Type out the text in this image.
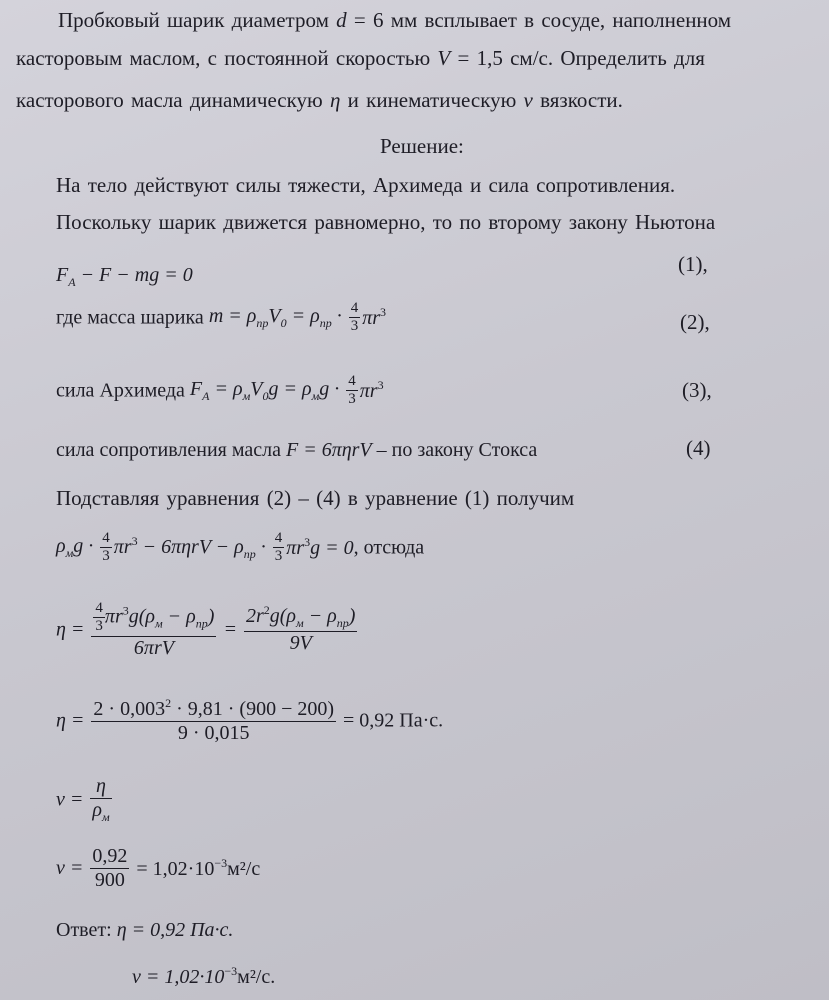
Пробковый шарик диаметром d = 6 мм всплывает в сосуде, наполненном
касторовым маслом, с постоянной скоростью V = 1,5 см/с. Определить для
касторового масла динамическую η и кинематическую ν вязкости.
Решение:
На тело действуют силы тяжести, Архимеда и сила сопротивления.
Поскольку шарик движется равномерно, то по второму закону Ньютона
$F_A - F$ − mg = 0	(1),
где масса шарика $m = \rho_{пр}V_0 = \rho_{пр} \cdot \frac{4}{3} \pi r^3$	(2),
сила Архимеда $F_A = \rho_мV_0g = \rho_мg \cdot \frac{4}{3} \pi r^3$	(3),
сила сопротивления масла F = 6πηrV – по закону Стокса	(4)
Подставляя уравнения (2) – (4) в уравнение (1) получим
$\rho_мg \cdot \frac{4}{3} \pi r^3 - 6\pi\eta rV - \rho_{пр} \cdot \frac{4}{3} \pi r^3g = 0$, отсюда
$\eta = \frac{\frac{4}{3} \pi r^3g(\rho_м - \rho_{пр})}{\text{6πrV}} = \frac{2r^2g(\rho_м - \rho_{пр})}{9V}$
$\eta = \frac{2 \cdot 0,003^2 \cdot 9,81 \cdot (900 - 200)}{9 \cdot 0,015} = 0,92$ Па·с.
$\nu = \frac{\eta}{\rho_м}$
$\nu = \frac{0,92}{900} = 1,02\cdot 10^{-3}м^2/с$
Ответ: η = 0,92 Па·с.
$\nu = 1,02\cdot 10^{-3}м^2/с$.
